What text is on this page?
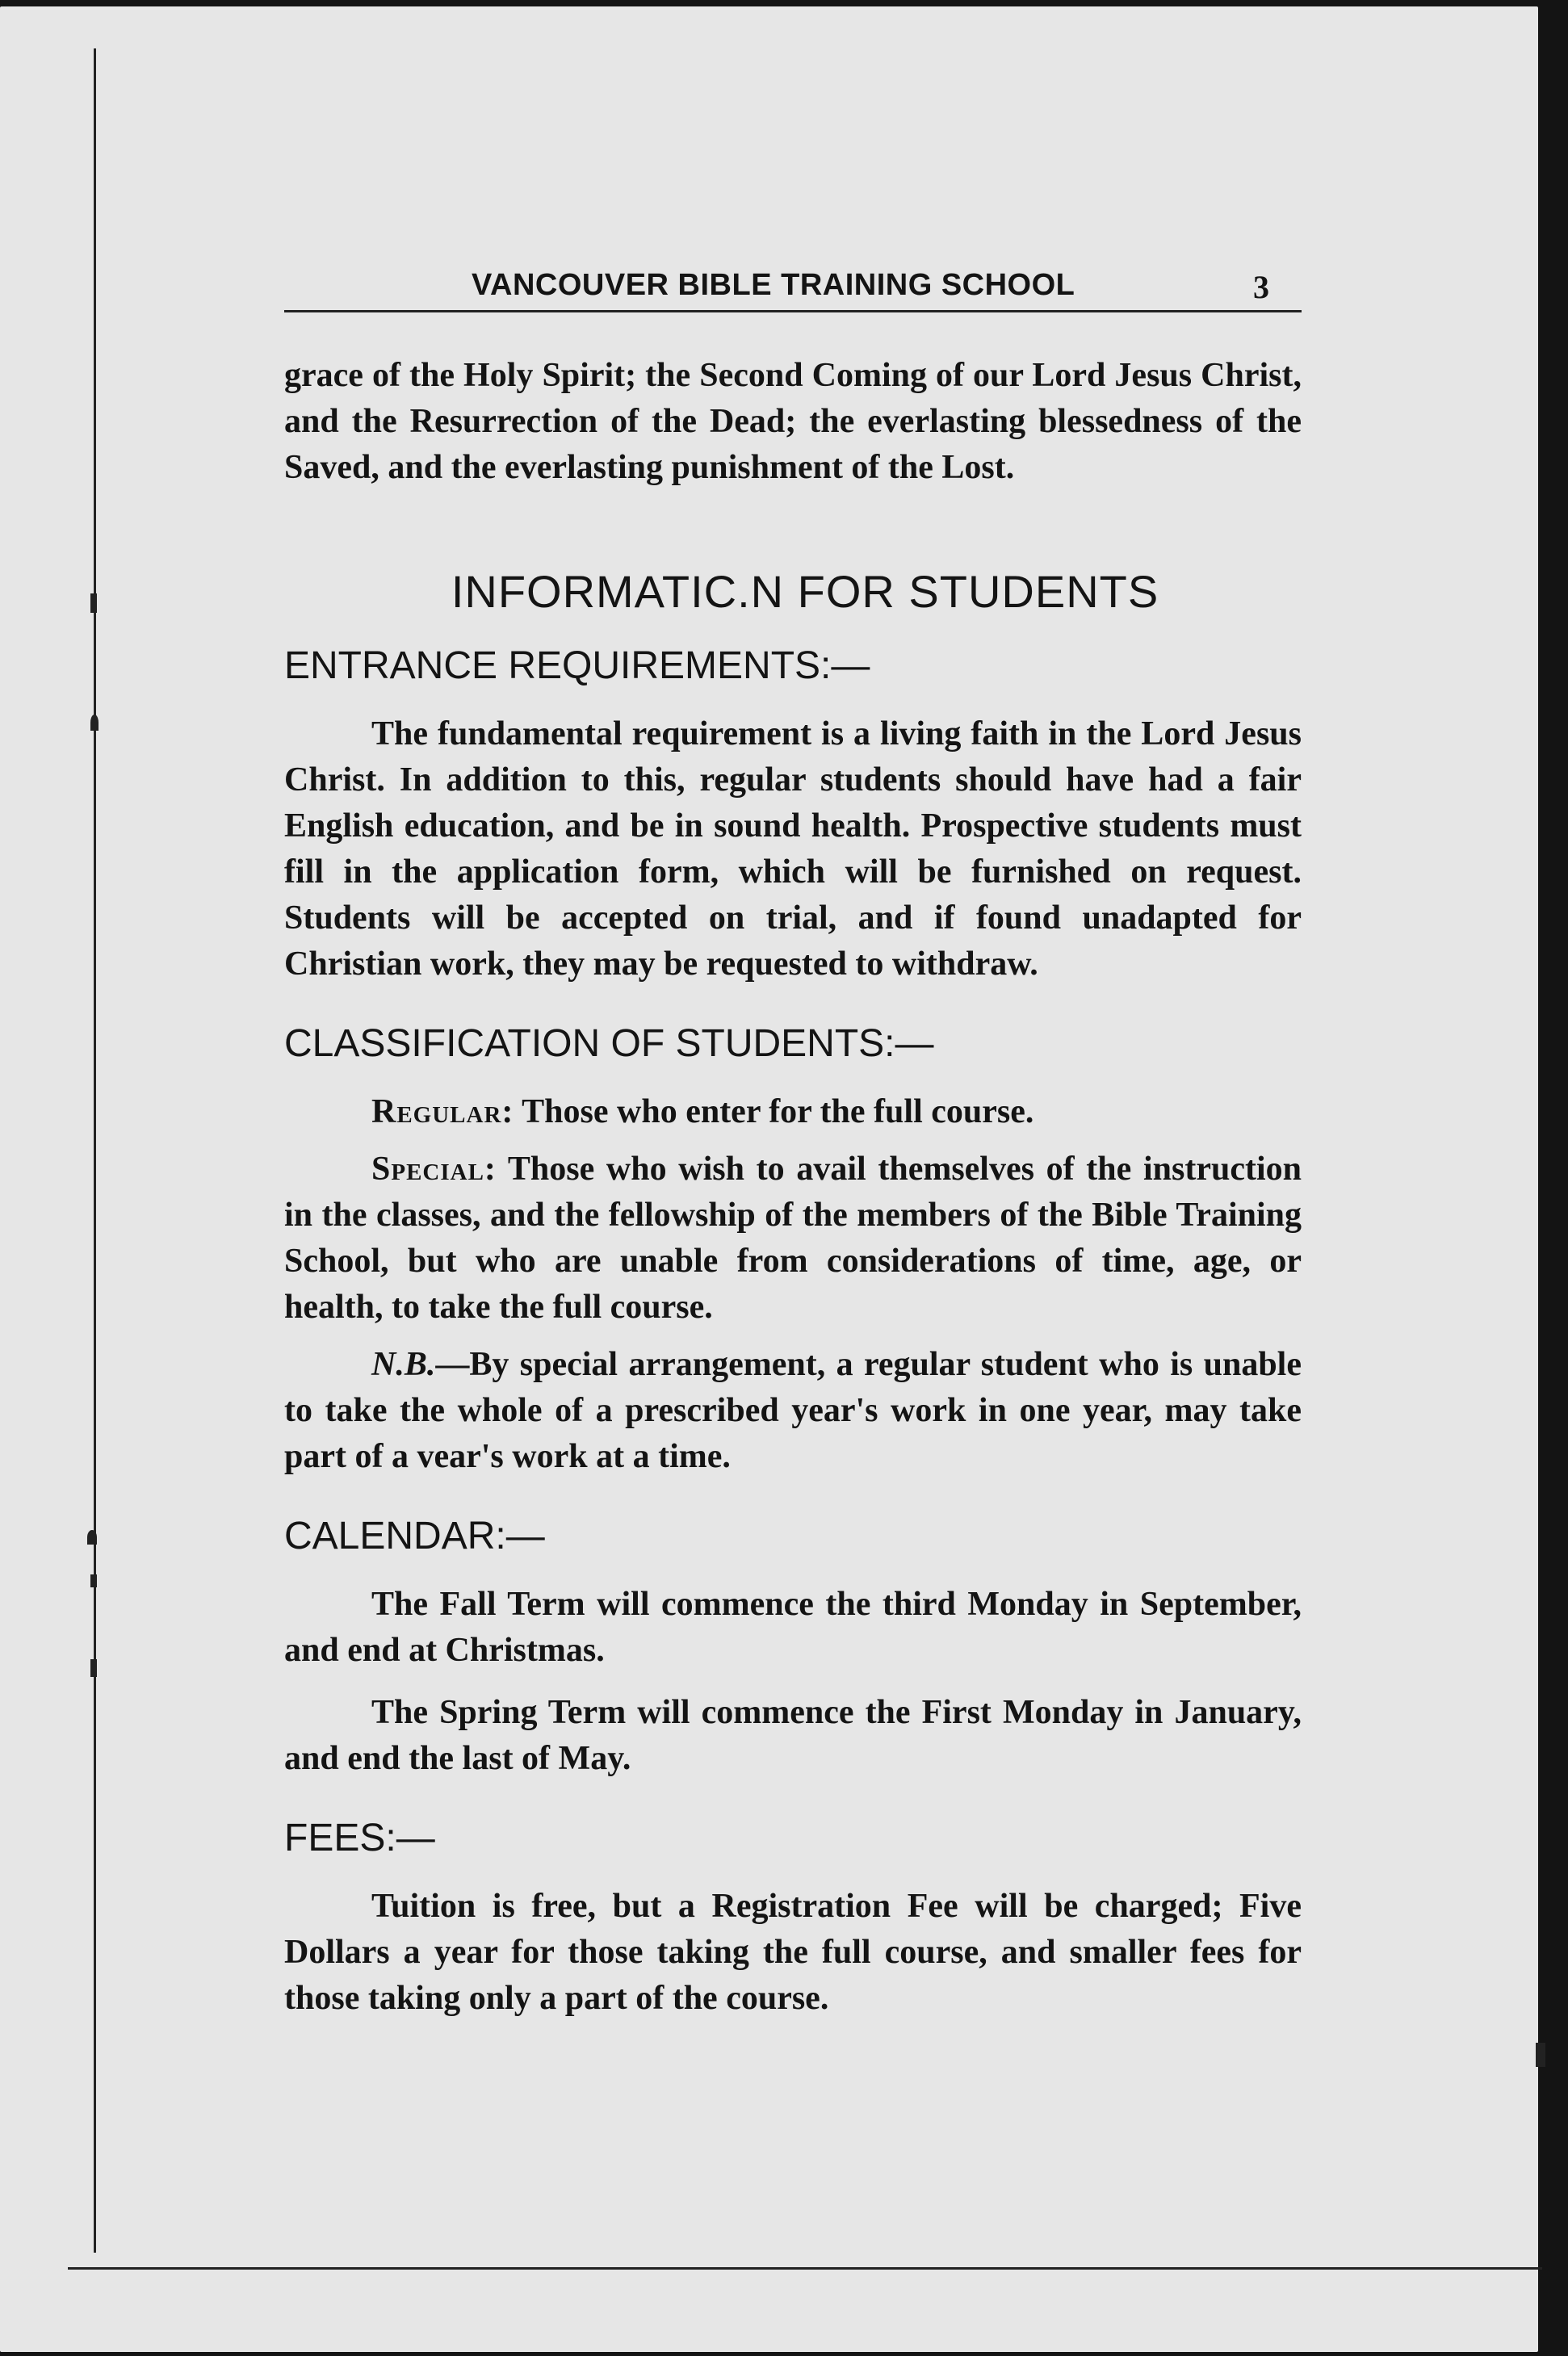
VANCOUVER BIBLE TRAINING SCHOOL	3

grace of the Holy Spirit; the Second Coming of our Lord Jesus Christ, and the Resurrection of the Dead; the everlasting blessedness of the Saved, and the everlasting punishment of the Lost.

INFORMATIC.N FOR STUDENTS
ENTRANCE REQUIREMENTS:—

The fundamental requirement is a living faith in the Lord Jesus Christ. In addition to this, regular students should have had a fair English education, and be in sound health. Prospective students must fill in the application form, which will be furnished on request. Students will be accepted on trial, and if found unadapted for Christian work, they may be requested to withdraw.

CLASSIFICATION OF STUDENTS:—

Regular: Those who enter for the full course.

Special: Those who wish to avail themselves of the instruction in the classes, and the fellowship of the members of the Bible Training School, but who are unable from considerations of time, age, or health, to take the full course.

N.B.—By special arrangement, a regular student who is unable to take the whole of a prescribed year's work in one year, may take part of a vear's work at a time.

CALENDAR:—

The Fall Term will commence the third Monday in September, and end at Christmas.

The Spring Term will commence the First Monday in January, and end the last of May.

FEES:—

Tuition is free, but a Registration Fee will be charged; Five Dollars a year for those taking the full course, and smaller fees for those taking only a part of the course.
